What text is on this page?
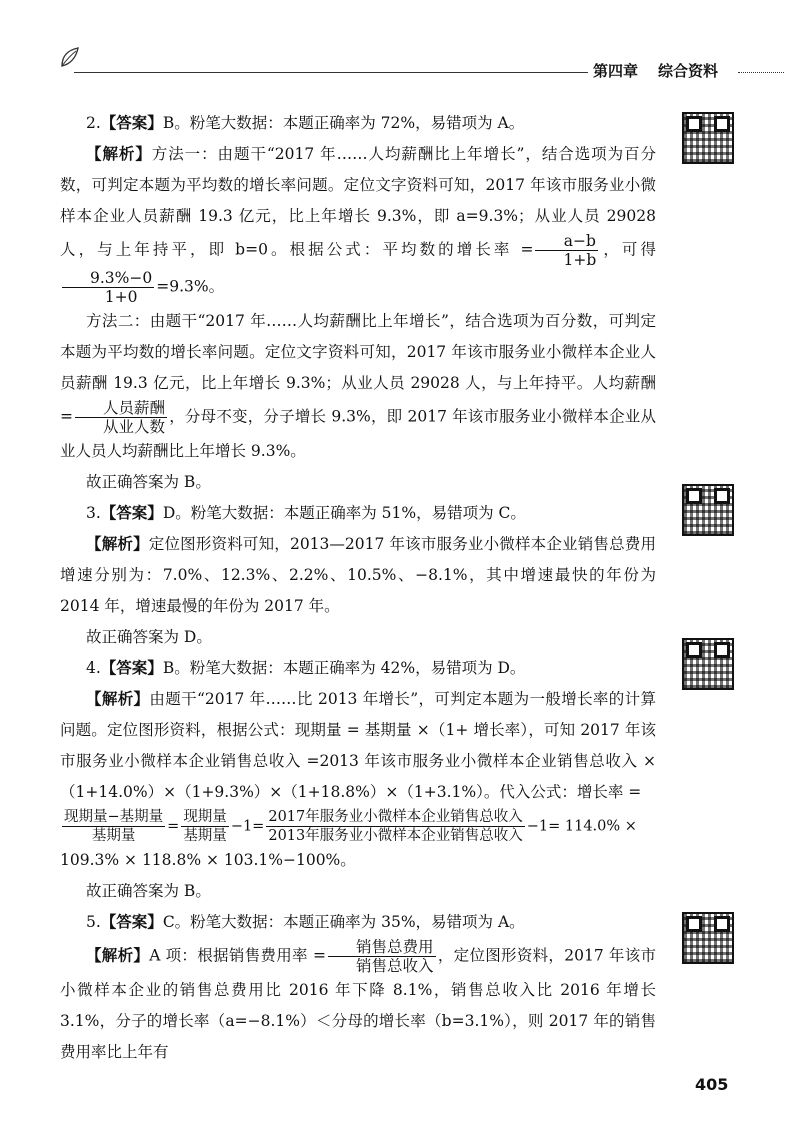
第四章 综合资料

2.【答案】B。粉笔大数据：本题正确率为 72%，易错项为 A。

【解析】方法一：由题干“2017 年……人均薪酬比上年增长”，结合选项为百分数，可判定本题为平均数的增长率问题。定位文字资料可知，2017 年该市服务业小微样本企业人员薪酬 19.3 亿元，比上年增长 9.3%，即 a=9.3%；从业人员 29028 人，与上年持平，即 b=0。根据公式：平均数的增长率 = $\frac{a-b}{1+b}$ ，可得
$\frac{9.3\%-0}{1+0} =9.3\%$。

方法二：由题干“2017 年……人均薪酬比上年增长”，结合选项为百分数，可判定本题为平均数的增长率问题。定位文字资料可知，2017 年该市服务业小微样本企业人员薪酬 19.3 亿元，比上年增长 9.3%；从业人员 29028 人，与上年持平。人均薪酬 = $\frac{\text{人员薪酬}}{\text{从业人数}}$ ，分母不变，分子增长 9.3%，即 2017 年该市服务业小微样本企业从业人员人均薪酬比上年增长 9.3%。

故正确答案为 B。

3.【答案】D。粉笔大数据：本题正确率为 51%，易错项为 C。

【解析】定位图形资料可知，2013—2017 年该市服务业小微样本企业销售总费用增速分别为：7.0%、12.3%、2.2%、10.5%、−8.1%，其中增速最快的年份为 2014 年，增速最慢的年份为 2017 年。

故正确答案为 D。

4.【答案】B。粉笔大数据：本题正确率为 42%，易错项为 D。

【解析】由题干“2017 年……比 2013 年增长”，可判定本题为一般增长率的计算问题。定位图形资料，根据公式：现期量 = 基期量 ×（1+ 增长率），可知 2017 年该市服务业小微样本企业销售总收入 =2013 年该市服务业小微样本企业销售总收入 ×（1+14.0%）×（1+9.3%）×（1+18.8%）×（1+3.1%）。代入公式：增长率 =

$\frac{\text{现期量−基期量}}{\text{基期量}} = \frac{\text{现期量}}{\text{基期量}} -1= \frac{\text{2017年服务业小微样本企业销售总收入}}{\text{2013年服务业小微样本企业销售总收入}} -1= 114.0\%$ ×

109.3% × 118.8% × 103.1%−100%。

故正确答案为 B。

5.【答案】C。粉笔大数据：本题正确率为 35%，易错项为 A。

【解析】A 项：根据销售费用率 = $\frac{\text{销售总费用}}{\text{销售总收入}}$ ，定位图形资料，2017 年该市小微样本企业的销售总费用比 2016 年下降 8.1%，销售总收入比 2016 年增长 3.1%，分子的增长率（a=−8.1%）＜分母的增长率（b=3.1%），则 2017 年的销售费用率比上年有

405
